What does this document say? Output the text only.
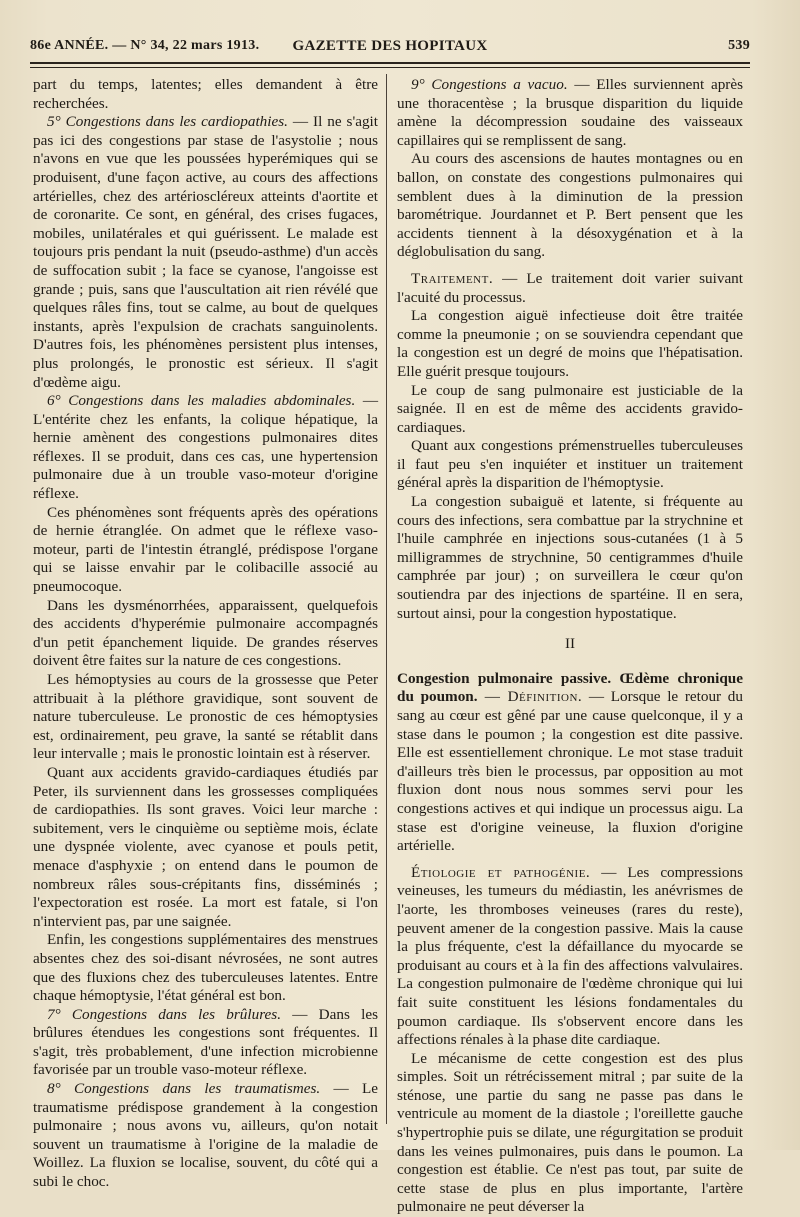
86e ANNÉE. — N° 34, 22 mars 1913.	GAZETTE DES HOPITAUX	539

part du temps, latentes; elles demandent à être recherchées.

5° Congestions dans les cardiopathies. — Il ne s'agit pas ici des congestions par stase de l'asystolie ; nous n'avons en vue que les poussées hyperémiques qui se produisent, d'une façon active, au cours des affections artérielles, chez des artérioscléreux atteints d'aortite et de coronarite. Ce sont, en général, des crises fugaces, mobiles, unilatérales et qui guérissent. Le malade est toujours pris pendant la nuit (pseudo-asthme) d'un accès de suffocation subit ; la face se cyanose, l'angoisse est grande ; puis, sans que l'auscultation ait rien révélé que quelques râles fins, tout se calme, au bout de quelques instants, après l'expulsion de crachats sanguinolents. D'autres fois, les phénomènes persistent plus intenses, plus prolongés, le pronostic est sérieux. Il s'agit d'œdème aigu.

6° Congestions dans les maladies abdominales. — L'entérite chez les enfants, la colique hépatique, la hernie amènent des congestions pulmonaires dites réflexes. Il se produit, dans ces cas, une hypertension pulmonaire due à un trouble vaso-moteur d'origine réflexe.

Ces phénomènes sont fréquents après des opérations de hernie étranglée. On admet que le réflexe vaso-moteur, parti de l'intestin étranglé, prédispose l'organe qui se laisse envahir par le colibacille associé au pneumocoque.

Dans les dysménorrhées, apparaissent, quelquefois des accidents d'hyperémie pulmonaire accompagnés d'un petit épanchement liquide. De grandes réserves doivent être faites sur la nature de ces congestions.

Les hémoptysies au cours de la grossesse que Peter attribuait à la pléthore gravidique, sont souvent de nature tuberculeuse. Le pronostic de ces hémoptysies est, ordinairement, peu grave, la santé se rétablit dans leur intervalle ; mais le pronostic lointain est à réserver.

Quant aux accidents gravido-cardiaques étudiés par Peter, ils surviennent dans les grossesses compliquées de cardiopathies. Ils sont graves. Voici leur marche : subitement, vers le cinquième ou septième mois, éclate une dyspnée violente, avec cyanose et pouls petit, menace d'asphyxie ; on entend dans le poumon de nombreux râles sous-crépitants fins, disséminés ; l'expectoration est rosée. La mort est fatale, si l'on n'intervient pas, par une saignée.

Enfin, les congestions supplémentaires des menstrues absentes chez des soi-disant névrosées, ne sont autres que des fluxions chez des tuberculeuses latentes. Entre chaque hémoptysie, l'état général est bon.

7° Congestions dans les brûlures. — Dans les brûlures étendues les congestions sont fréquentes. Il s'agit, très probablement, d'une infection microbienne favorisée par un trouble vaso-moteur réflexe.

8° Congestions dans les traumatismes. — Le traumatisme prédispose grandement à la congestion pulmonaire ; nous avons vu, ailleurs, qu'on notait souvent un traumatisme à l'origine de la maladie de Woillez. La fluxion se localise, souvent, du côté qui a subi le choc.

9° Congestions a vacuo. — Elles surviennent après une thoracentèse ; la brusque disparition du liquide amène la décompression soudaine des vaisseaux capillaires qui se remplissent de sang.

Au cours des ascensions de hautes montagnes ou en ballon, on constate des congestions pulmonaires qui semblent dues à la diminution de la pression barométrique. Jourdannet et P. Bert pensent que les accidents tiennent à la désoxygénation et à la déglobulisation du sang.

Traitement. — Le traitement doit varier suivant l'acuité du processus.

La congestion aiguë infectieuse doit être traitée comme la pneumonie ; on se souviendra cependant que la congestion est un degré de moins que l'hépatisation. Elle guérit presque toujours.

Le coup de sang pulmonaire est justiciable de la saignée. Il en est de même des accidents gravido-cardiaques.

Quant aux congestions prémenstruelles tuberculeuses il faut peu s'en inquiéter et instituer un traitement général après la disparition de l'hémoptysie.

La congestion subaiguë et latente, si fréquente au cours des infections, sera combattue par la strychnine et l'huile camphrée en injections sous-cutanées (1 à 5 milligrammes de strychnine, 50 centigrammes d'huile camphrée par jour) ; on surveillera le cœur qu'on soutiendra par des injections de spartéine. Il en sera, surtout ainsi, pour la congestion hypostatique.

II

Congestion pulmonaire passive. Œdème chronique du poumon. — Définition. — Lorsque le retour du sang au cœur est gêné par une cause quelconque, il y a stase dans le poumon ; la congestion est dite passive. Elle est essentiellement chronique. Le mot stase traduit d'ailleurs très bien le processus, par opposition au mot fluxion dont nous nous sommes servi pour les congestions actives et qui indique un processus aigu. La stase est d'origine veineuse, la fluxion d'origine artérielle.

Étiologie et pathogénie. — Les compressions veineuses, les tumeurs du médiastin, les anévrismes de l'aorte, les thromboses veineuses (rares du reste), peuvent amener de la congestion passive. Mais la cause la plus fréquente, c'est la défaillance du myocarde se produisant au cours et à la fin des affections valvulaires. La congestion pulmonaire de l'œdème chronique qui lui fait suite constituent les lésions fondamentales du poumon cardiaque. Ils s'observent encore dans les affections rénales à la phase dite cardiaque.

Le mécanisme de cette congestion est des plus simples. Soit un rétrécissement mitral ; par suite de la sténose, une partie du sang ne passe pas dans le ventricule au moment de la diastole ; l'oreillette gauche s'hypertrophie puis se dilate, une régurgitation se produit dans les veines pulmonaires, puis dans le poumon. La congestion est établie. Ce n'est pas tout, par suite de cette stase de plus en plus importante, l'artère pulmonaire ne peut déverser la
